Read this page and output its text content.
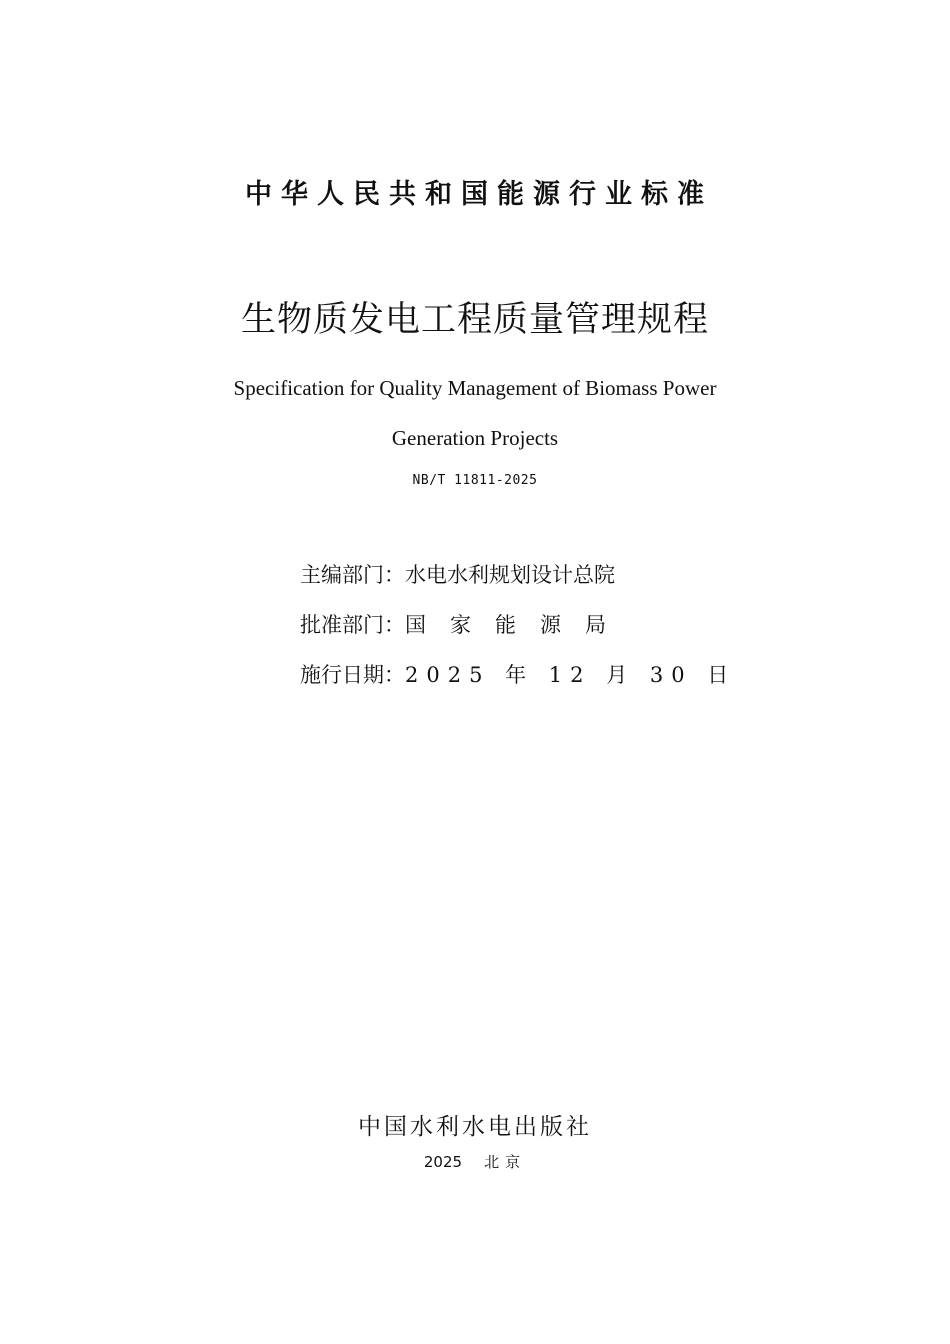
中华人民共和国能源行业标准
生物质发电工程质量管理规程
Specification for Quality Management of Biomass Power
Generation Projects
NB/T 11811-2025
主编部门：水电水利规划设计总院
批准部门：国家能源局
施行日期：2025 年 12 月 30 日
中国水利水电出版社
2025 北京
